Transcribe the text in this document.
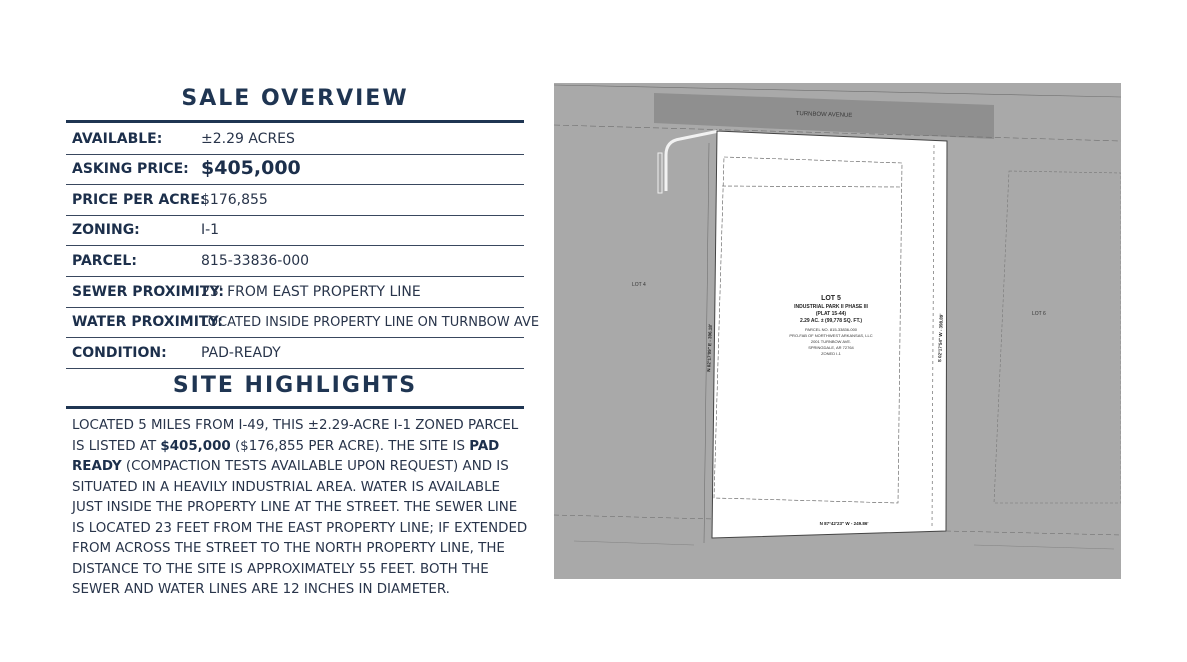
SALE OVERVIEW
AVAILABLE:	±2.29 ACRES
ASKING PRICE: $405,000
PRICE PER ACRE:
$176,855
ZONING:	I-1
PARCEL:	815-33836-000
SEWER PROXIMITY:
23' FROM EAST PROPERTY LINE
WATER PROXIMITY:
LOCATED INSIDE PROPERTY LINE ON TURNBOW AVE
CONDITION: PAD-READY
SITE HIGHLIGHTS

LOCATED 5 MILES FROM I-49, THIS ±2.29-ACRE I-1 ZONED PARCEL IS LISTED AT $405,000 ($176,855 PER ACRE). THE SITE IS PAD READY (COMPACTION TESTS AVAILABLE UPON REQUEST) AND IS SITUATED IN A HEAVILY INDUSTRIAL AREA. WATER IS AVAILABLE JUST INSIDE THE PROPERTY LINE AT THE STREET. THE SEWER LINE IS LOCATED 23 FEET FROM THE EAST PROPERTY LINE; IF EXTENDED FROM ACROSS THE STREET TO THE NORTH PROPERTY LINE, THE DISTANCE TO THE SITE IS APPROXIMATELY 55 FEET. BOTH THE SEWER AND WATER LINES ARE 12 INCHES IN DIAMETER.

TURNBOW AVENUE
LOT 5
INDUSTRIAL PARK II PHASE III
(PLAT 15-44)
2.29 AC. ± (99,778 SQ. FT.)
PARCEL NO. 815-33836-000
PRO-FAB OF NORTHWEST ARKANSAS, LLC
2001 TURNBOW AVE.
SPRINGDALE, AR 72764
ZONED I-1
LOT 4
LOT 6
N 87°42'23" W - 249.86'
N 02°17'09" E - 396.18'	S 02°17'54" W - 398.89'
